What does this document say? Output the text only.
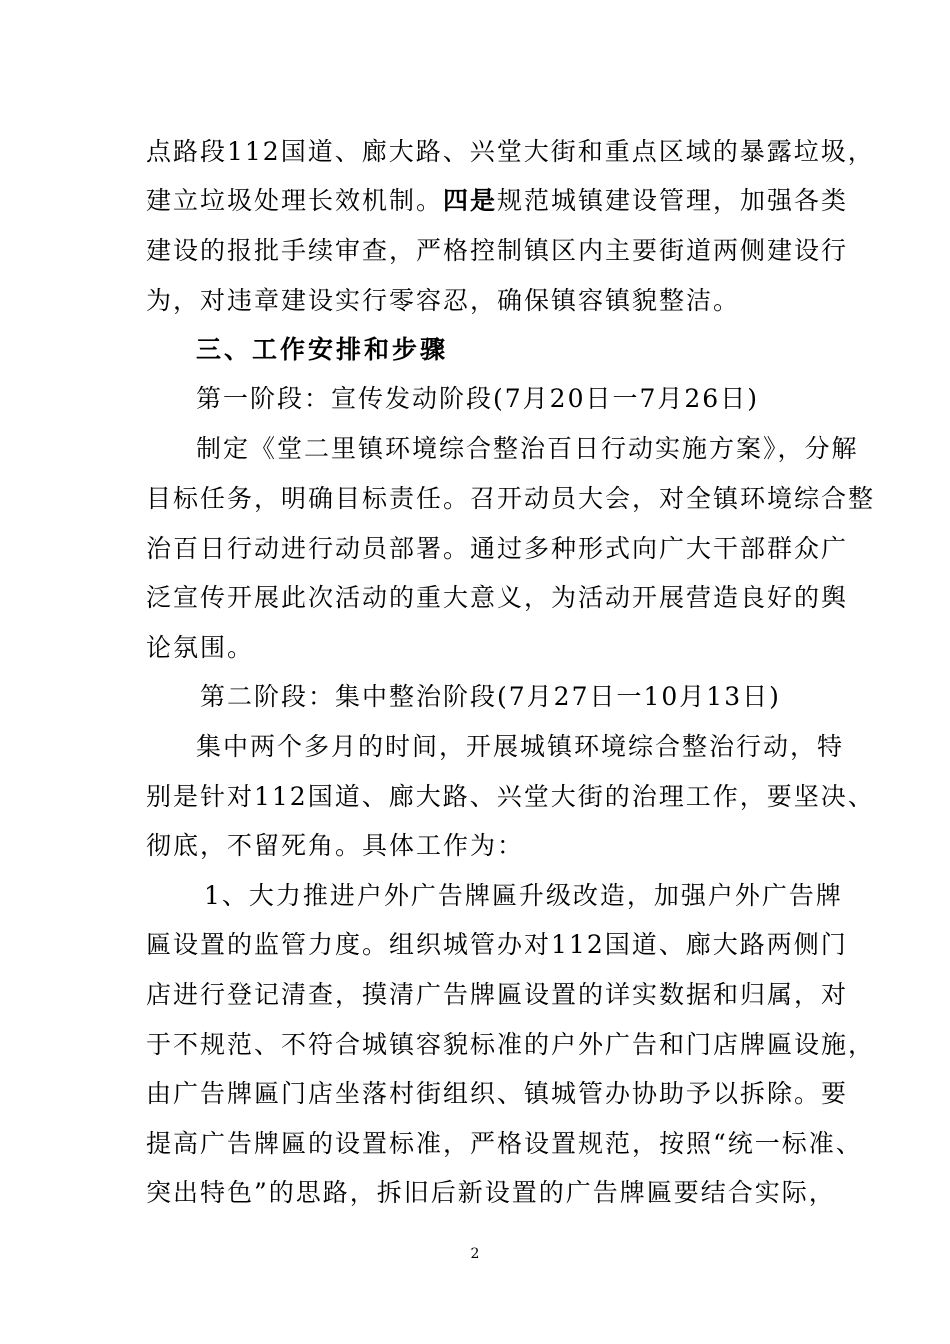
点路段112国道、廊大路、兴堂大街和重点区域的暴露垃圾，
建立垃圾处理长效机制。四是规范城镇建设管理，加强各类
建设的报批手续审查，严格控制镇区内主要街道两侧建设行
为，对违章建设实行零容忍，确保镇容镇貌整洁。
三、工作安排和步骤
第一阶段：宣传发动阶段(7月20日一7月26日)
制定《堂二里镇环境综合整治百日行动实施方案》，分解
目标任务，明确目标责任。召开动员大会，对全镇环境综合整
治百日行动进行动员部署。通过多种形式向广大干部群众广
泛宣传开展此次活动的重大意义，为活动开展营造良好的舆
论氛围。
第二阶段：集中整治阶段(7月27日一10月13日)
集中两个多月的时间，开展城镇环境综合整治行动，特
别是针对112国道、廊大路、兴堂大街的治理工作，要坚决、
彻底，不留死角。具体工作为：
1、大力推进户外广告牌匾升级改造，加强户外广告牌
匾设置的监管力度。组织城管办对112国道、廊大路两侧门
店进行登记清查，摸清广告牌匾设置的详实数据和归属，对
于不规范、不符合城镇容貌标准的户外广告和门店牌匾设施，
由广告牌匾门店坐落村街组织、镇城管办协助予以拆除。要
提高广告牌匾的设置标准，严格设置规范，按照“统一标准、
突出特色”的思路，拆旧后新设置的广告牌匾要结合实际，
2
